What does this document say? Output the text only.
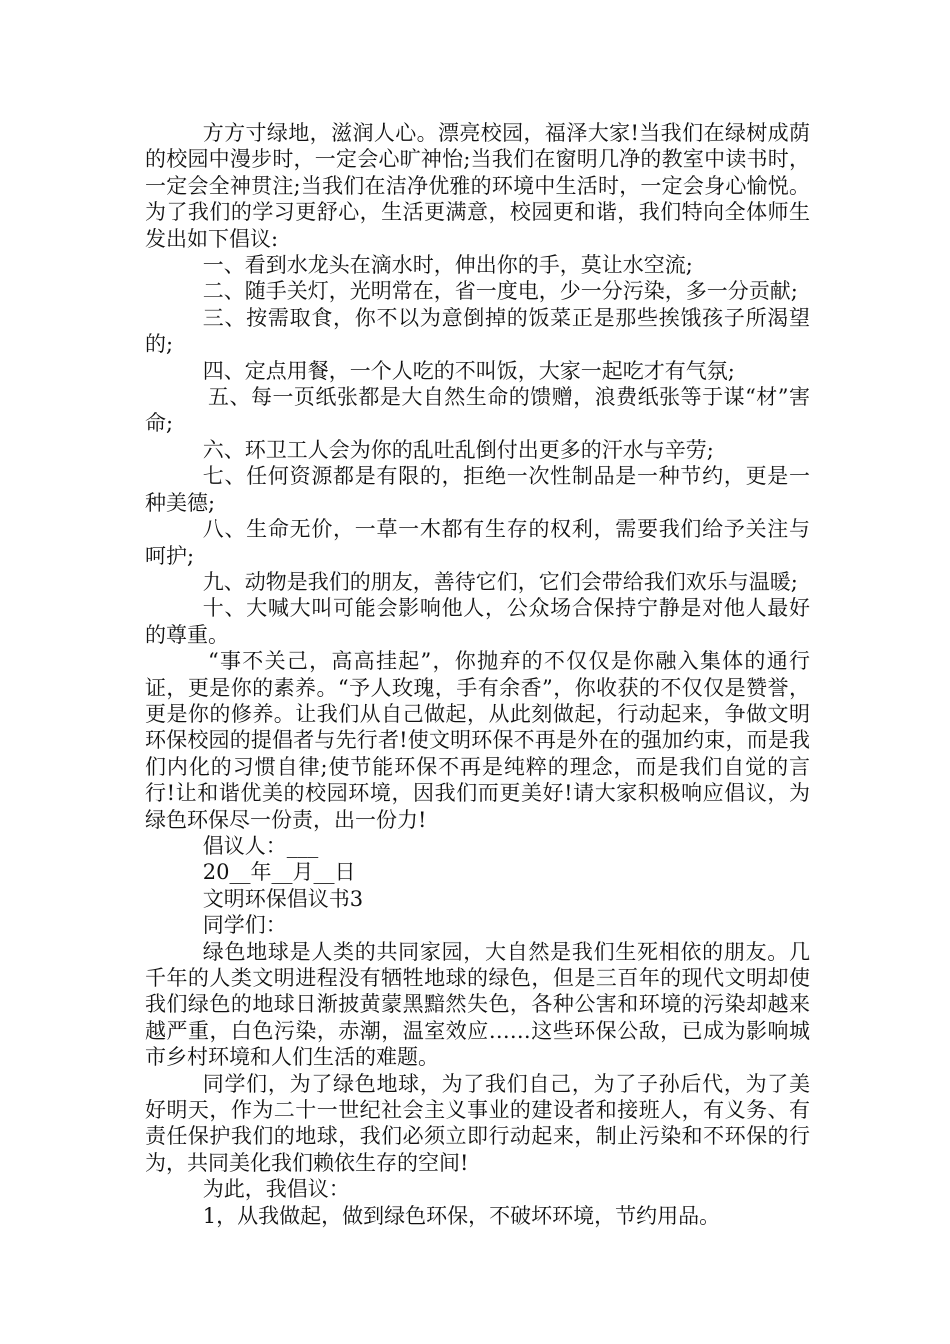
方方寸绿地，滋润人心。漂亮校园，福泽大家!当我们在绿树成荫的校园中漫步时，一定会心旷神怡;当我们在窗明几净的教室中读书时，一定会全神贯注;当我们在洁净优雅的环境中生活时，一定会身心愉悦。为了我们的学习更舒心，生活更满意，校园更和谐，我们特向全体师生发出如下倡议:

一、看到水龙头在滴水时，伸出你的手，莫让水空流;

二、随手关灯，光明常在，省一度电，少一分污染，多一分贡献;

三、按需取食，你不以为意倒掉的饭菜正是那些挨饿孩子所渴望的;

四、定点用餐，一个人吃的不叫饭，大家一起吃才有气氛;

五、每一页纸张都是大自然生命的馈赠，浪费纸张等于谋“材”害命;

六、环卫工人会为你的乱吐乱倒付出更多的汗水与辛劳;

七、任何资源都是有限的，拒绝一次性制品是一种节约，更是一种美德;

八、生命无价，一草一木都有生存的权利，需要我们给予关注与呵护;

九、动物是我们的朋友，善待它们，它们会带给我们欢乐与温暖;

十、大喊大叫可能会影响他人，公众场合保持宁静是对他人最好的尊重。

“事不关己，高高挂起”，你抛弃的不仅仅是你融入集体的通行证，更是你的素养。“予人玫瑰，手有余香”，你收获的不仅仅是赞誉，更是你的修养。让我们从自己做起，从此刻做起，行动起来，争做文明环保校园的提倡者与先行者!使文明环保不再是外在的强加约束，而是我们内化的习惯自律;使节能环保不再是纯粹的理念，而是我们自觉的言行!让和谐优美的校园环境，因我们而更美好!请大家积极响应倡议，为绿色环保尽一份责，出一份力!

倡议人：___

20__年__月__日

文明环保倡议书3

同学们：

绿色地球是人类的共同家园，大自然是我们生死相依的朋友。几千年的人类文明进程没有牺牲地球的绿色，但是三百年的现代文明却使我们绿色的地球日渐披黄蒙黑黯然失色，各种公害和环境的污染却越来越严重，白色污染，赤潮，温室效应……这些环保公敌，已成为影响城市乡村环境和人们生活的难题。

同学们，为了绿色地球，为了我们自己，为了子孙后代，为了美好明天，作为二十一世纪社会主义事业的建设者和接班人，有义务、有责任保护我们的地球，我们必须立即行动起来，制止污染和不环保的行为，共同美化我们赖依生存的空间!

为此，我倡议：

1，从我做起，做到绿色环保，不破坏环境，节约用品。
